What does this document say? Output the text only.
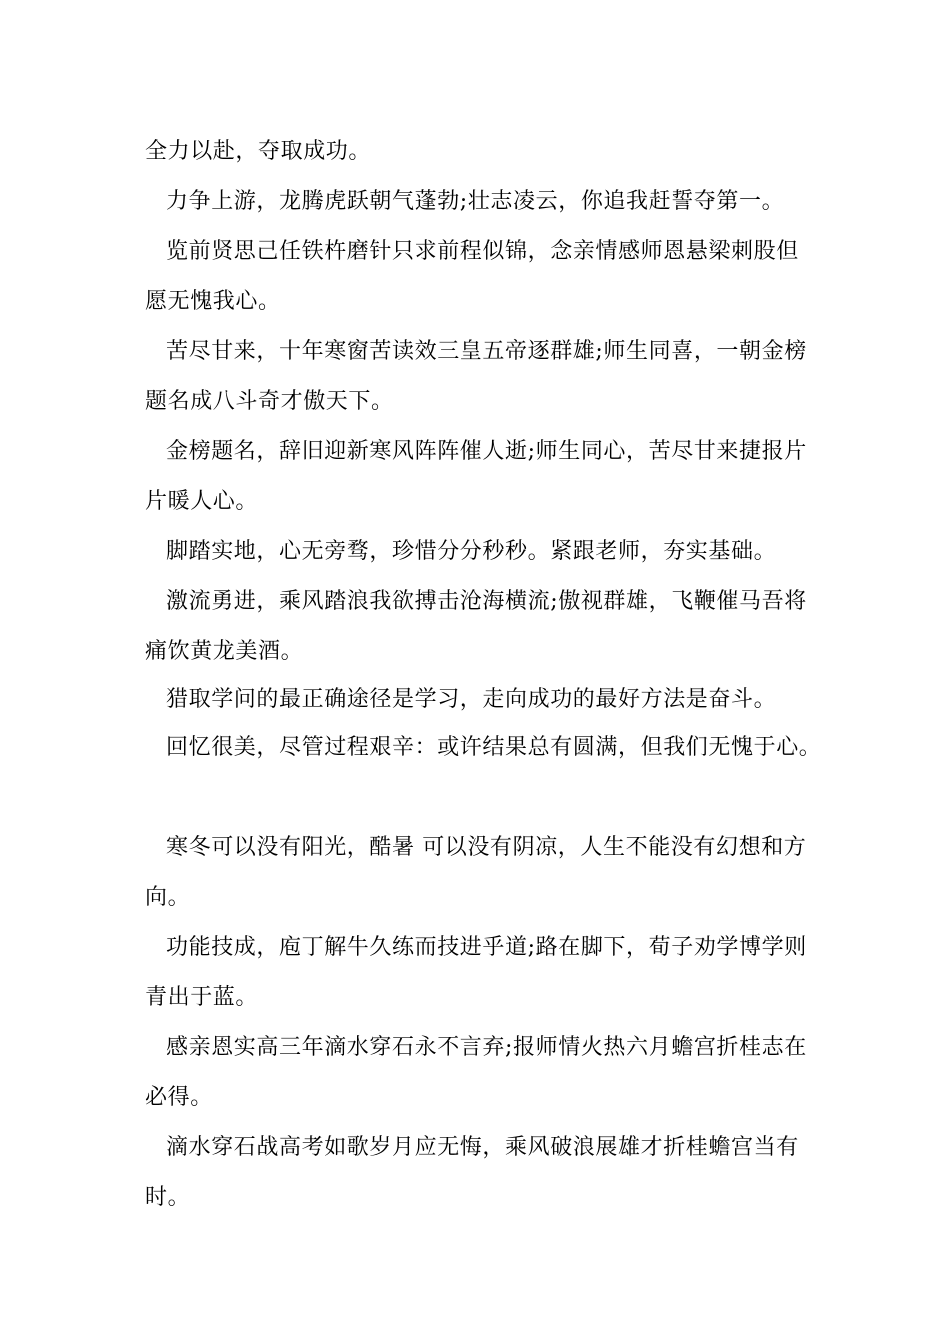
全力以赴，夺取成功。
力争上游，龙腾虎跃朝气蓬勃;壮志凌云，你追我赶誓夺第一。
览前贤思己任铁杵磨针只求前程似锦，念亲情感师恩悬梁刺股但
愿无愧我心。
苦尽甘来，十年寒窗苦读效三皇五帝逐群雄;师生同喜，一朝金榜
题名成八斗奇才傲天下。
金榜题名，辞旧迎新寒风阵阵催人逝;师生同心，苦尽甘来捷报片
片暖人心。
脚踏实地，心无旁骛，珍惜分分秒秒。紧跟老师，夯实基础。
激流勇进，乘风踏浪我欲搏击沧海横流;傲视群雄，飞鞭催马吾将
痛饮黄龙美酒。
猎取学问的最正确途径是学习，走向成功的最好方法是奋斗。
回忆很美，尽管过程艰辛：或许结果总有圆满，但我们无愧于心。
寒冬可以没有阳光，酷暑 可以没有阴凉，人生不能没有幻想和方
向。
功能技成，庖丁解牛久练而技进乎道;路在脚下，荀子劝学博学则
青出于蓝。
感亲恩实高三年滴水穿石永不言弃;报师情火热六月蟾宫折桂志在
必得。
滴水穿石战高考如歌岁月应无悔，乘风破浪展雄才折桂蟾宫当有
时。
